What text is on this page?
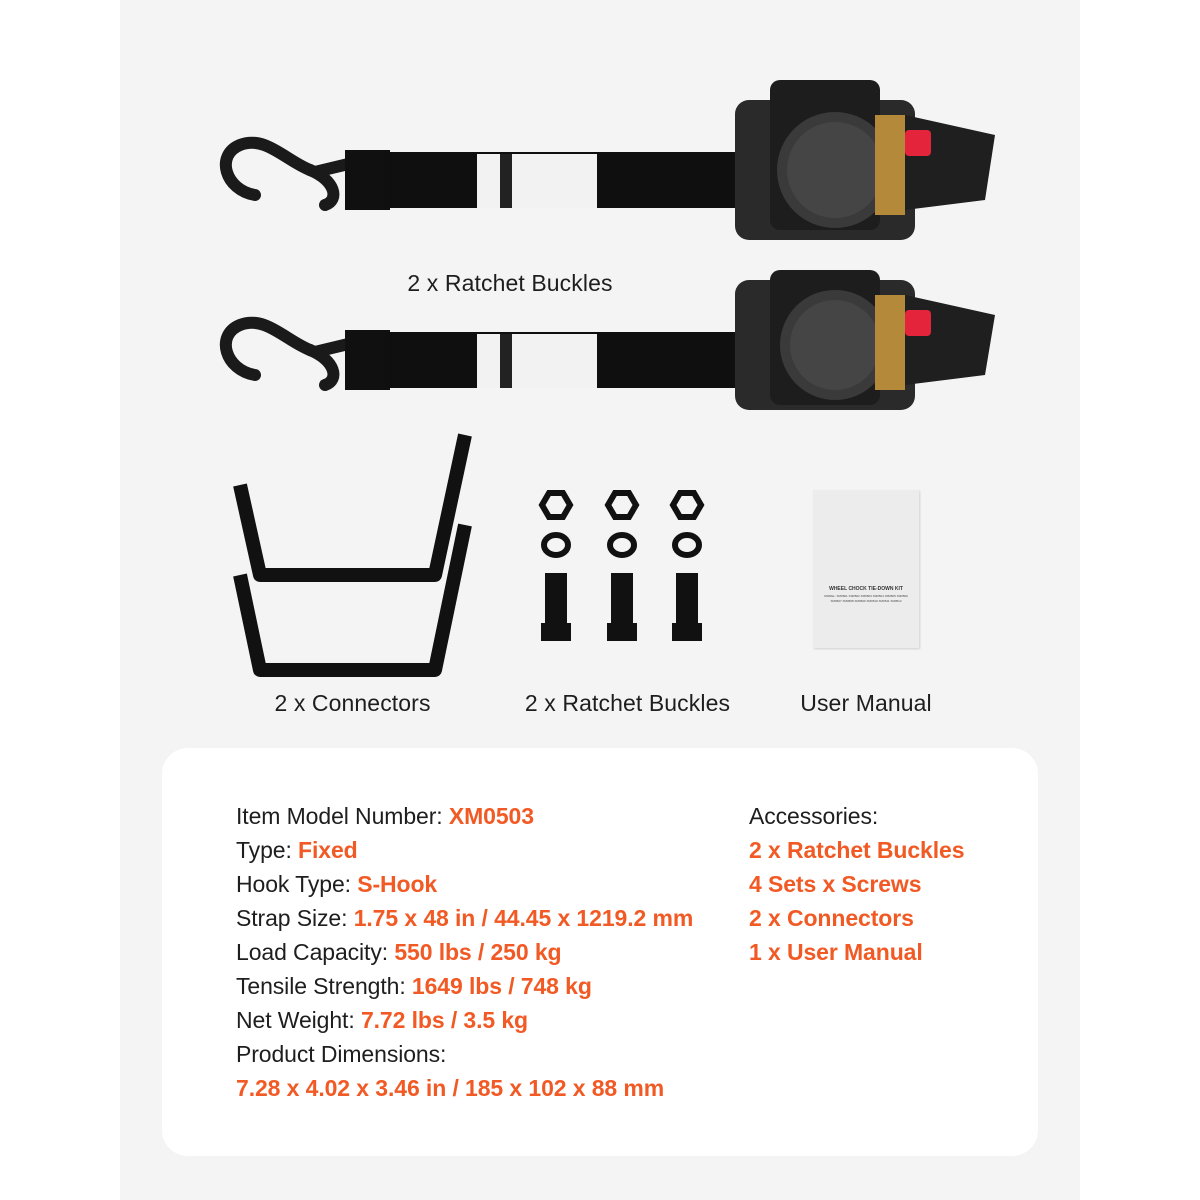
2 x Ratchet Buckles
2 x Connectors	2 x Ratchet Buckles
WHEEL CHOCK TIE-DOWN KIT
MODEL: XM0501 XM0502 XM0503 XM0504 XM0505 XM0506
XM0507 XM0508 XM0509 XM0510 XM0511 XM0512
User Manual
Item Model Number: XM0503
Type: Fixed
Hook Type: S-Hook
Strap Size: 1.75 x 48 in / 44.45 x 1219.2 mm
Load Capacity: 550 lbs / 250 kg
Tensile Strength: 1649 lbs / 748 kg
Net Weight: 7.72 lbs / 3.5 kg
Product Dimensions:
7.28 x 4.02 x 3.46 in / 185 x 102 x 88 mm
Accessories:
2 x Ratchet Buckles
4 Sets x Screws
2 x Connectors
1 x User Manual
